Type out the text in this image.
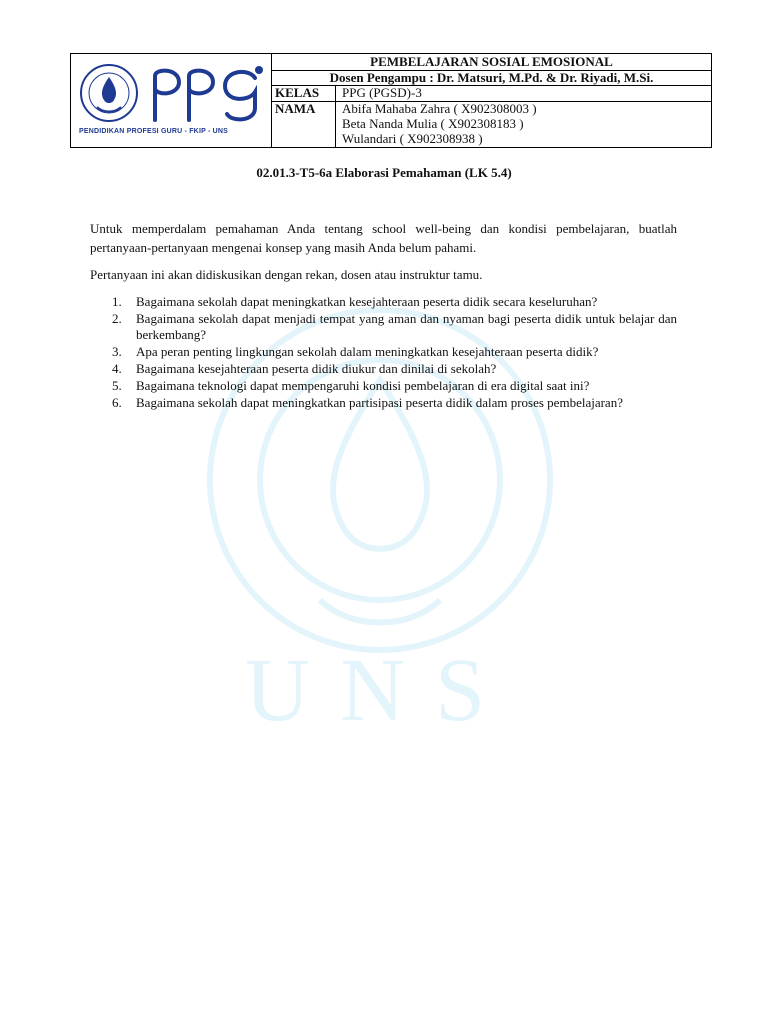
UNS
PENDIDIKAN PROFESI GURU - FKIP - UNS
PEMBELAJARAN SOSIAL EMOSIONAL
Dosen Pengampu : Dr. Matsuri, M.Pd. & Dr. Riyadi, M.Si.
KELAS	PPG (PGSD)-3
NAMA	Abifa Mahaba Zahra ( X902308003 )
Beta Nanda Mulia ( X902308183 )
Wulandari ( X902308938 )
02.01.3-T5-6a Elaborasi Pemahaman (LK 5.4)

Untuk memperdalam pemahaman Anda tentang school well-being dan kondisi pembelajaran, buatlah pertanyaan-pertanyaan mengenai konsep yang masih Anda belum pahami.

Pertanyaan ini akan didiskusikan dengan rekan, dosen atau instruktur tamu.

1.	Bagaimana sekolah dapat meningkatkan kesejahteraan peserta didik secara keseluruhan?
2.	Bagaimana sekolah dapat menjadi tempat yang aman dan nyaman bagi peserta didik untuk belajar dan berkembang?
3.	Apa peran penting lingkungan sekolah dalam meningkatkan kesejahteraan peserta didik?
4.	Bagaimana kesejahteraan peserta didik diukur dan dinilai di sekolah?
5.	Bagaimana teknologi dapat mempengaruhi kondisi pembelajaran di era digital saat ini?
6.	Bagaimana sekolah dapat meningkatkan partisipasi peserta didik dalam proses pembelajaran?
